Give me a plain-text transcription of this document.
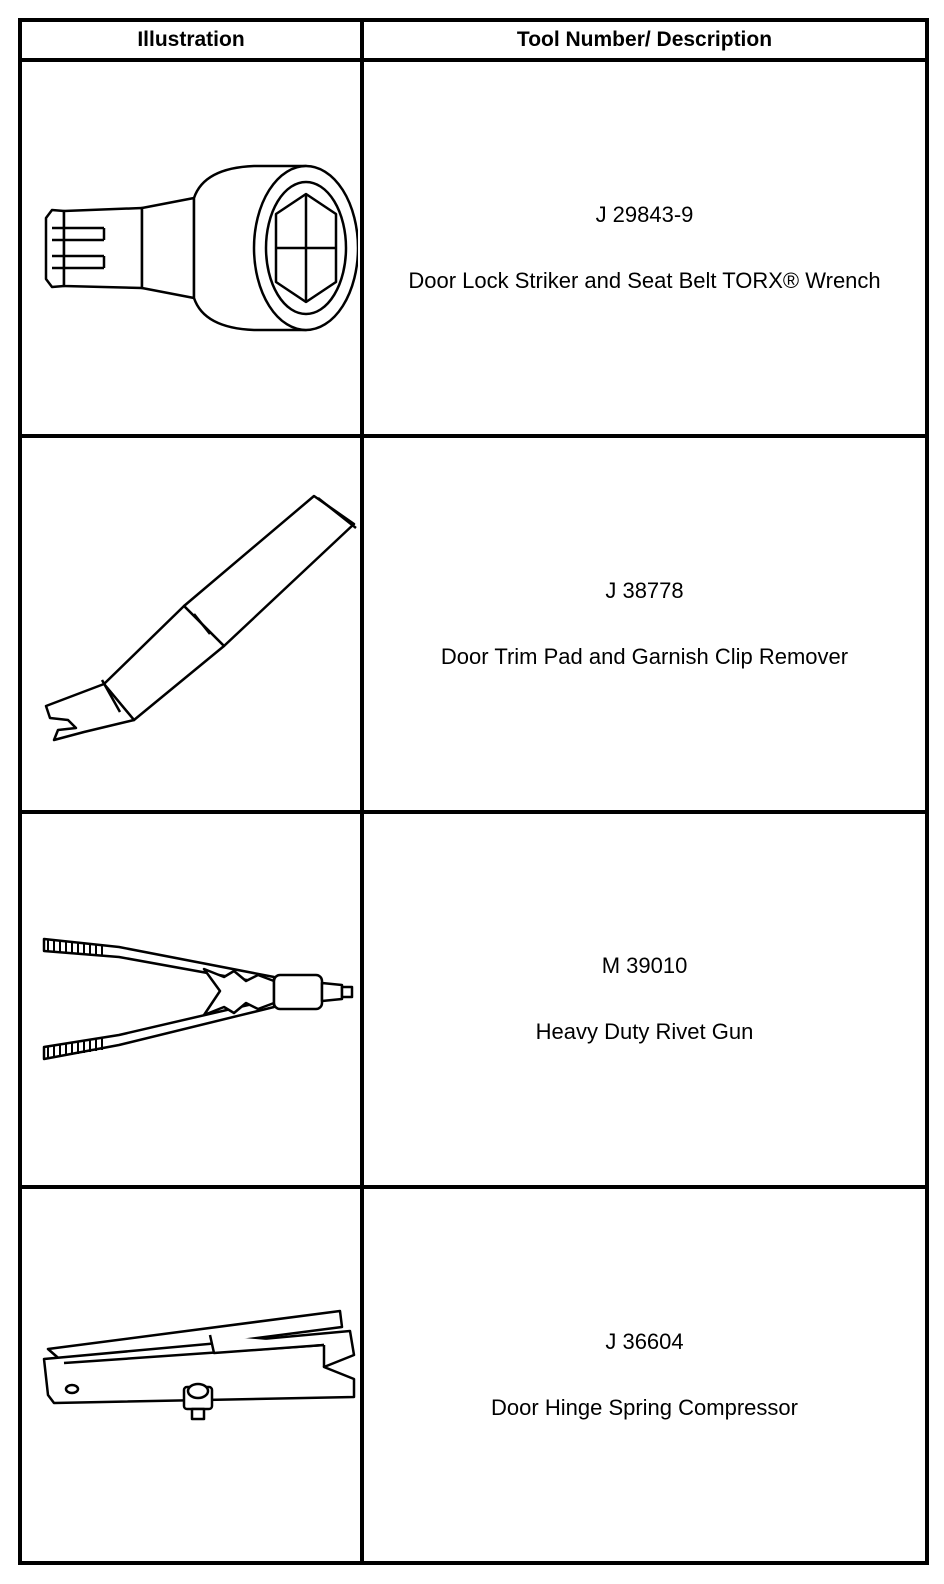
Illustration	Tool Number/ Description

J 29843-9
Door Lock Striker and Seat Belt TORX® Wrench

J 38778
Door Trim Pad and Garnish Clip Remover

M 39010
Heavy Duty Rivet Gun

J 36604
Door Hinge Spring Compressor
